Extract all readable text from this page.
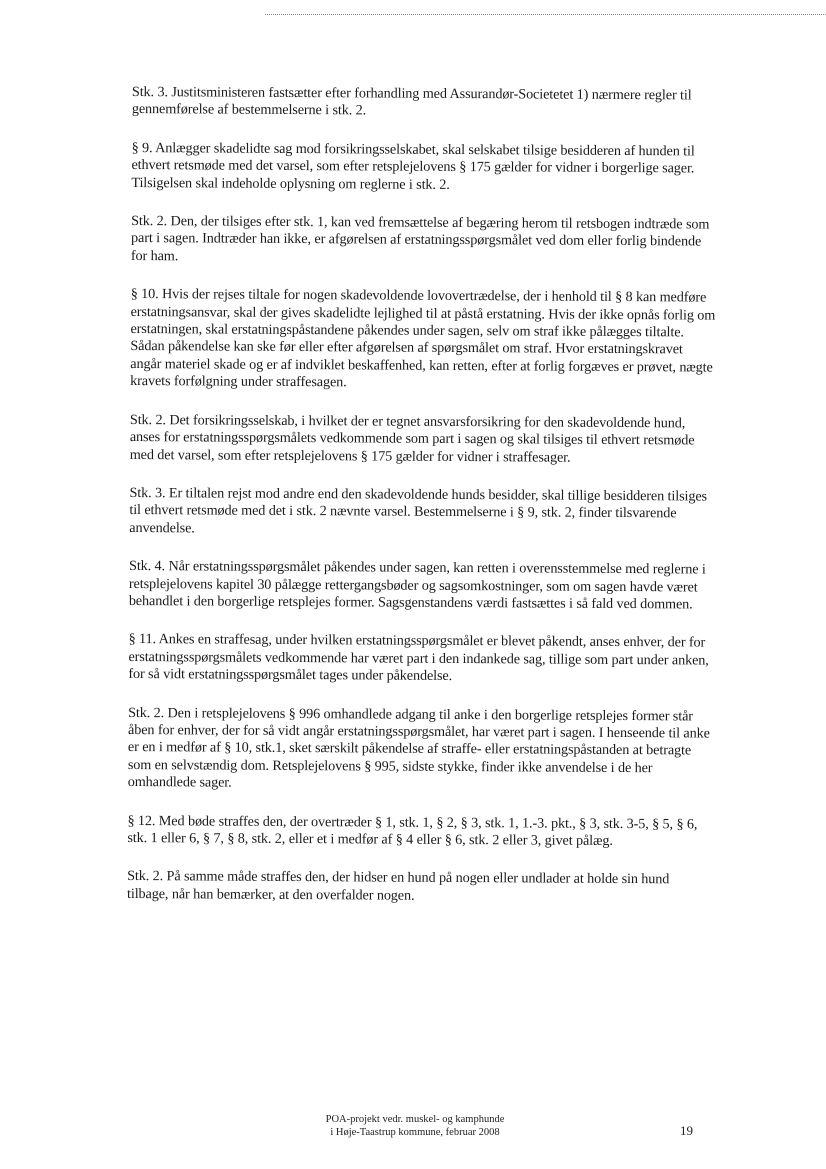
Stk. 3. Justitsministeren fastsætter efter forhandling med Assurandør-Societetet 1) nærmere regler til gennemførelse af bestemmelserne i stk. 2.

§ 9. Anlægger skadelidte sag mod forsikringsselskabet, skal selskabet tilsige besidderen af hunden til ethvert retsmøde med det varsel, som efter retsplejelovens § 175 gælder for vidner i borgerlige sager. Tilsigelsen skal indeholde oplysning om reglerne i stk. 2.

Stk. 2. Den, der tilsiges efter stk. 1, kan ved fremsættelse af begæring herom til retsbogen indtræde som part i sagen. Indtræder han ikke, er afgørelsen af erstatningsspørgsmålet ved dom eller forlig bindende for ham.

§ 10. Hvis der rejses tiltale for nogen skadevoldende lovovertrædelse, der i henhold til § 8 kan medføre erstatningsansvar, skal der gives skadelidte lejlighed til at påstå erstatning. Hvis der ikke opnås forlig om erstatningen, skal erstatningspåstandene påkendes under sagen, selv om straf ikke pålægges tiltalte. Sådan påkendelse kan ske før eller efter afgørelsen af spørgsmålet om straf. Hvor erstatningskravet angår materiel skade og er af indviklet beskaffenhed, kan retten, efter at forlig forgæves er prøvet, nægte kravets forfølgning under straffesagen.

Stk. 2. Det forsikringsselskab, i hvilket der er tegnet ansvarsforsikring for den skadevoldende hund, anses for erstatningsspørgsmålets vedkommende som part i sagen og skal tilsiges til ethvert retsmøde med det varsel, som efter retsplejelovens § 175 gælder for vidner i straffesager.

Stk. 3. Er tiltalen rejst mod andre end den skadevoldende hunds besidder, skal tillige besidderen tilsiges til ethvert retsmøde med det i stk. 2 nævnte varsel. Bestemmelserne i § 9, stk. 2, finder tilsvarende anvendelse.

Stk. 4. Når erstatningsspørgsmålet påkendes under sagen, kan retten i overensstemmelse med reglerne i retsplejelovens kapitel 30 pålægge rettergangsbøder og sagsomkostninger, som om sagen havde været behandlet i den borgerlige retsplejes former. Sagsgenstandens værdi fastsættes i så fald ved dommen.

§ 11. Ankes en straffesag, under hvilken erstatningsspørgsmålet er blevet påkendt, anses enhver, der for erstatningsspørgsmålets vedkommende har været part i den indankede sag, tillige som part under anken, for så vidt erstatningsspørgsmålet tages under påkendelse.

Stk. 2. Den i retsplejelovens § 996 omhandlede adgang til anke i den borgerlige retsplejes former står åben for enhver, der for så vidt angår erstatningsspørgsmålet, har været part i sagen. I henseende til anke er en i medfør af § 10, stk.1, sket særskilt påkendelse af straffe- eller erstatningspåstanden at betragte som en selvstændig dom. Retsplejelovens § 995, sidste stykke, finder ikke anvendelse i de her omhandlede sager.

§ 12. Med bøde straffes den, der overtræder § 1, stk. 1, § 2, § 3, stk. 1, 1.-3. pkt., § 3, stk. 3-5, § 5, § 6, stk. 1 eller 6, § 7, § 8, stk. 2, eller et i medfør af § 4 eller § 6, stk. 2 eller 3, givet pålæg.

Stk. 2. På samme måde straffes den, der hidser en hund på nogen eller undlader at holde sin hund tilbage, når han bemærker, at den overfalder nogen.

POA-projekt vedr. muskel- og kamphunde
i Høje-Taastrup kommune, februar 2008	19
